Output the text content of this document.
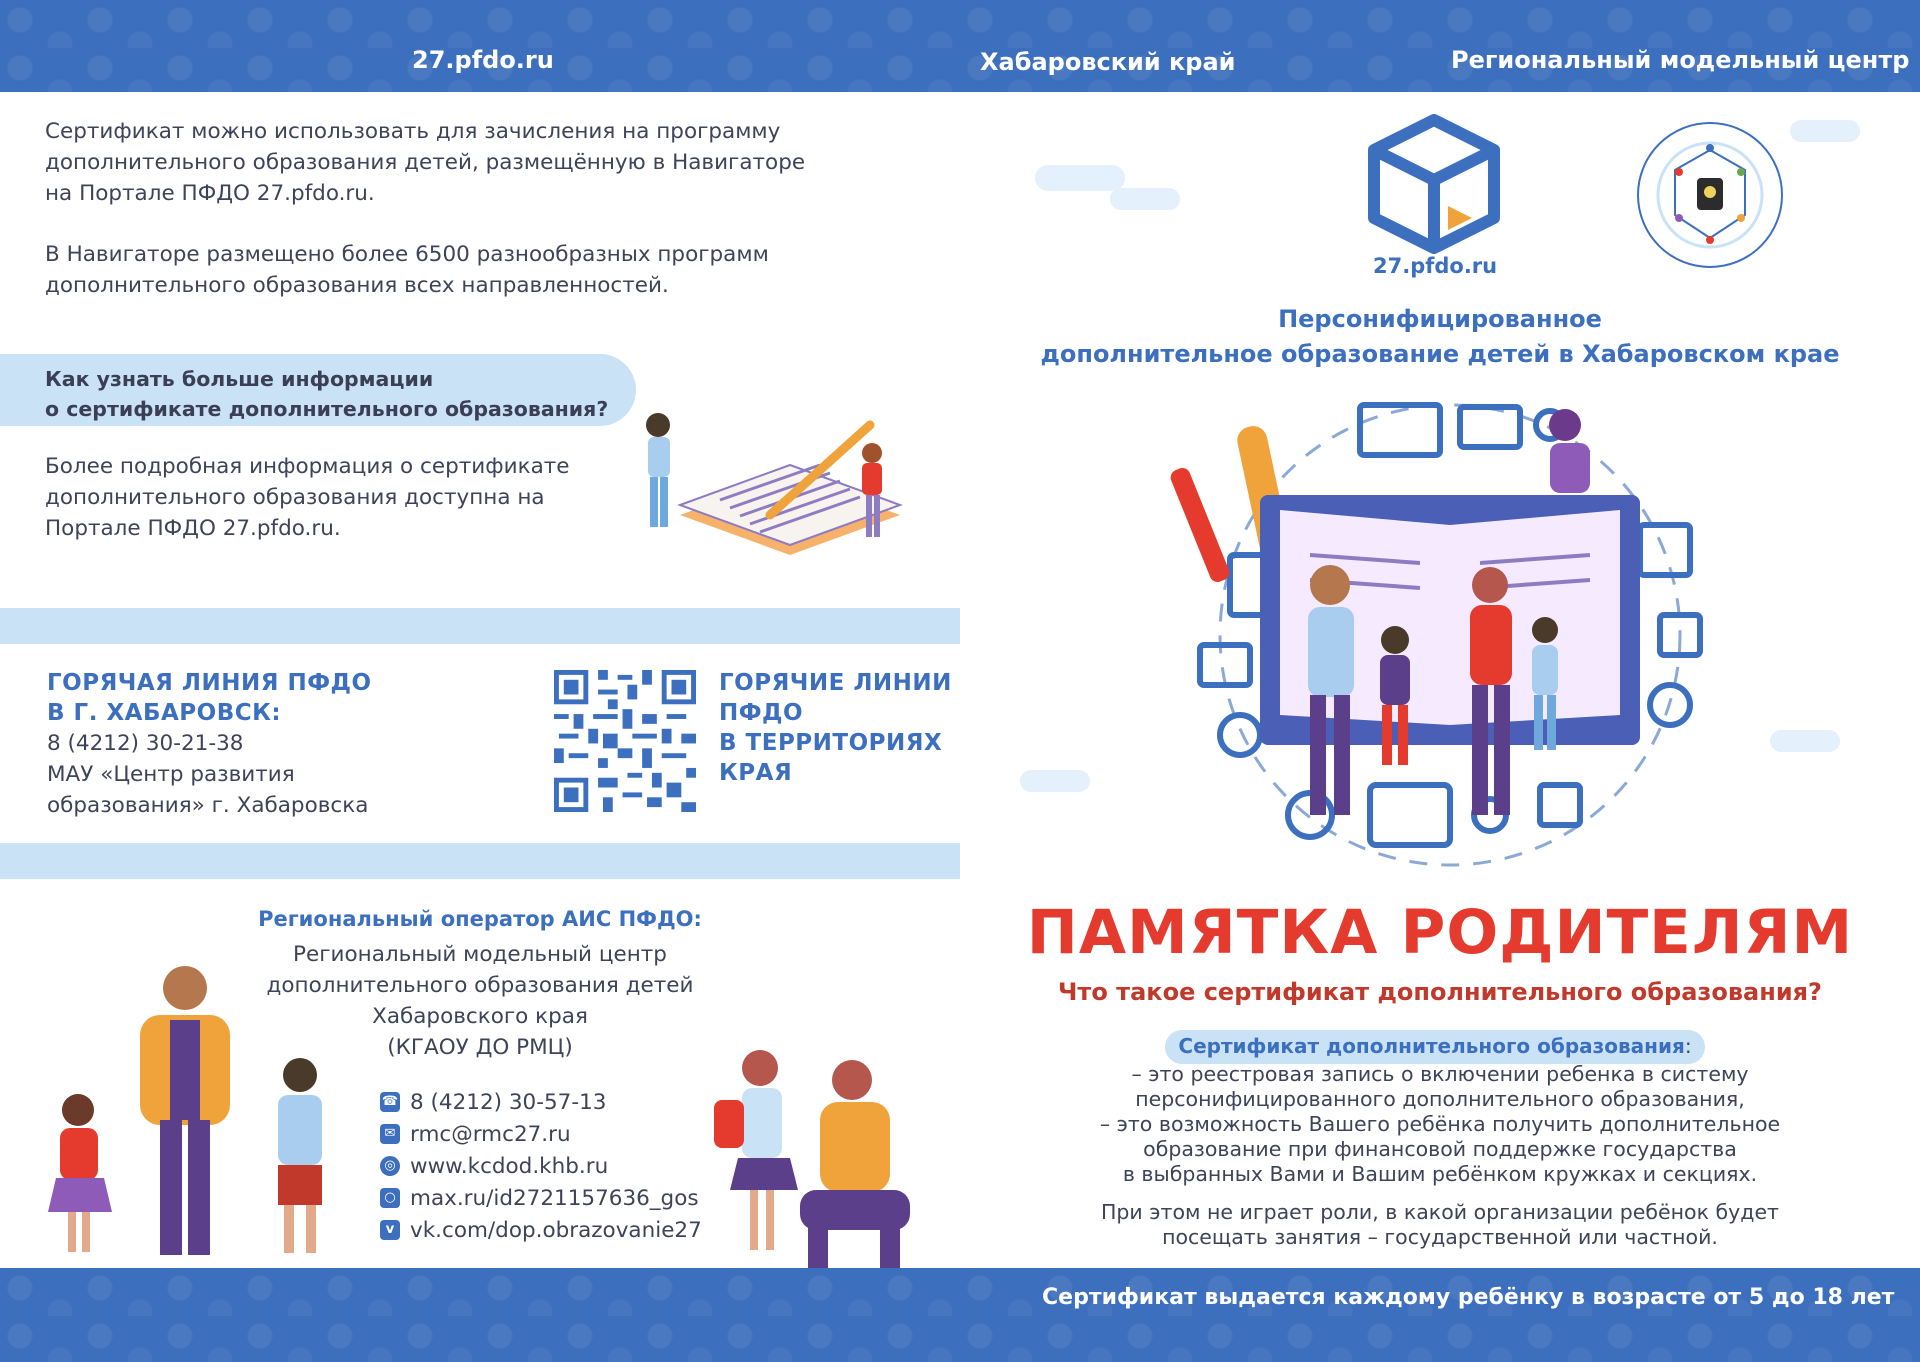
27.pfdo.ru	Хабаровский край	Региональный модельный центр
Сертификат можно использовать для зачисления на программу дополнительного образования детей, размещённую в Навигаторе на Портале ПФДО 27.pfdo.ru.
В Навигаторе размещено более 6500 разнообразных программ дополнительного образования всех направленностей.
Как узнать больше информации
о сертификате дополнительного образования?
Более подробная информация о сертификате дополнительного образования доступна на Портале ПФДО 27.pfdo.ru.
ГОРЯЧАЯ ЛИНИЯ ПФДО
В Г. ХАБАРОВСК:
8 (4212) 30-21-38
МАУ «Центр развития
образования» г. Хабаровска
ГОРЯЧИЕ ЛИНИИ
ПФДО
В ТЕРРИТОРИЯХ
КРАЯ
Региональный оператор АИС ПФДО:
Региональный модельный центр
дополнительного образования детей
Хабаровского края
(КГАОУ ДО РМЦ)
☎ 8 (4212) 30-57-13
✉ rmc@rmc27.ru
◎ www.kcdod.khb.ru
○ max.ru/id2721157636_gos
v vk.com/dop.obrazovanie27
27.pfdo.ru
Персонифицированное
дополнительное образование детей в Хабаровском крае
ПАМЯТКА РОДИТЕЛЯМ
Что такое сертификат дополнительного образования?
Сертификат дополнительного образования:
– это реестровая запись о включении ребенка в систему
персонифицированного дополнительного образования,
– это возможность Вашего ребёнка получить дополнительное
образование при финансовой поддержке государства
в выбранных Вами и Вашим ребёнком кружках и секциях.
При этом не играет роли, в какой организации ребёнок будет
посещать занятия – государственной или частной.
Сертификат выдается каждому ребёнку в возрасте от 5 до 18 лет
